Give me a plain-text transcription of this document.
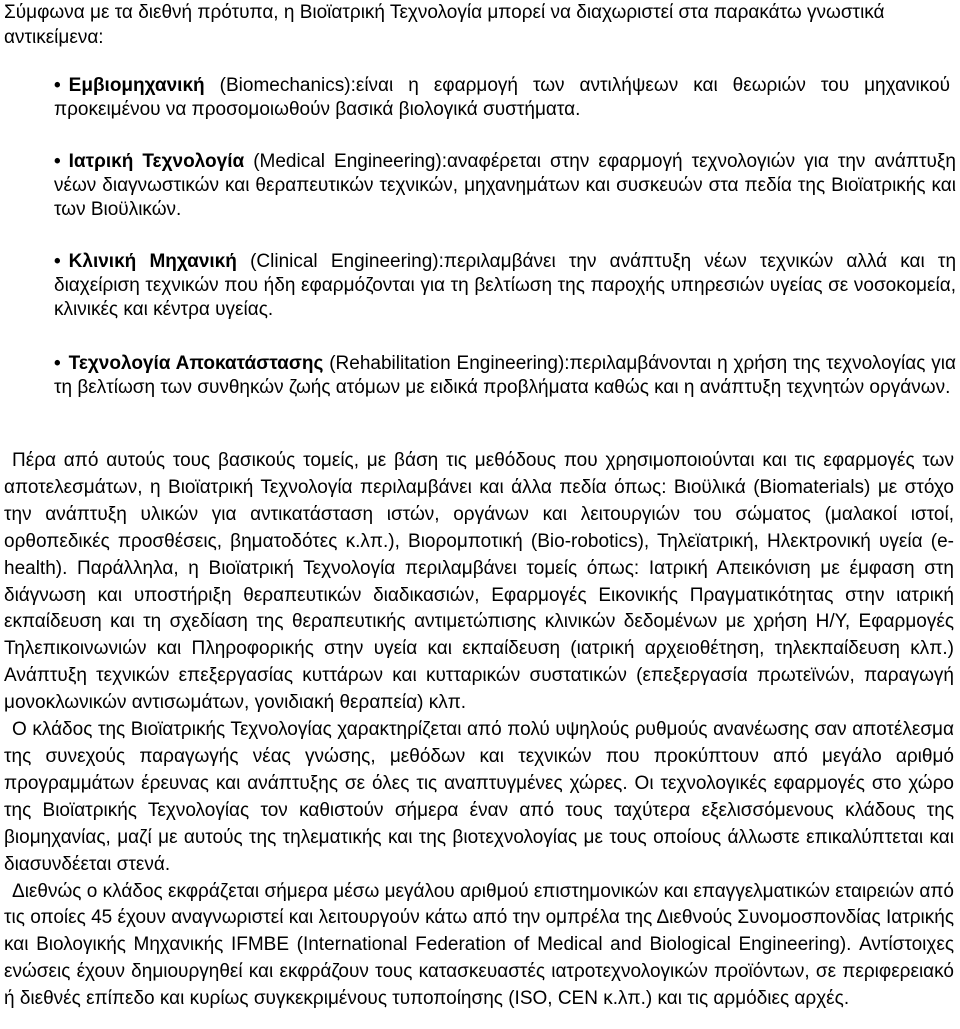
Σύμφωνα με τα διεθνή πρότυπα, η Βιοϊατρική Τεχνολογία μπορεί να διαχωριστεί στα παρακάτω γνωστικά αντικείμενα:
• Εμβιομηχανική (Biomechanics):είναι η εφαρμογή των αντιλήψεων και θεωριών του μηχανικού προκειμένου να προσομοιωθούν βασικά βιολογικά συστήματα.
• Ιατρική Τεχνολογία (Medical Engineering):αναφέρεται στην εφαρμογή τεχνολογιών για την ανάπτυξη νέων διαγνωστικών και θεραπευτικών τεχνικών, μηχανημάτων και συσκευών στα πεδία της Βιοϊατρικής και των Βιοϋλικών.
• Κλινική Μηχανική (Clinical Engineering):περιλαμβάνει την ανάπτυξη νέων τεχνικών αλλά και τη διαχείριση τεχνικών που ήδη εφαρμόζονται για τη βελτίωση της παροχής υπηρεσιών υγείας σε νοσοκομεία, κλινικές και κέντρα υγείας.
• Τεχνολογία Αποκατάστασης (Rehabilitation Engineering):περιλαμβάνονται η χρήση της τεχνολογίας για τη βελτίωση των συνθηκών ζωής ατόμων με ειδικά προβλήματα καθώς και η ανάπτυξη τεχνητών οργάνων.

Πέρα από αυτούς τους βασικούς τομείς, με βάση τις μεθόδους που χρησιμοποιούνται και τις εφαρμογές των αποτελεσμάτων, η Βιοϊατρική Τεχνολογία περιλαμβάνει και άλλα πεδία όπως: Βιοϋλικά (Biomaterials) με στόχο την ανάπτυξη υλικών για αντικατάσταση ιστών, οργάνων και λειτουργιών του σώματος (μαλακοί ιστοί, ορθοπεδικές προσθέσεις, βηματοδότες κ.λπ.), Βιορομποτική (Bio-robotics), Τηλεϊατρική, Ηλεκτρονική υγεία (e-health). Παράλληλα, η Βιοϊατρική Τεχνολογία περιλαμβάνει τομείς όπως: Ιατρική Απεικόνιση με έμφαση στη διάγνωση και υποστήριξη θεραπευτικών διαδικασιών, Εφαρμογές Εικονικής Πραγματικότητας στην ιατρική εκπαίδευση και τη σχεδίαση της θεραπευτικής αντιμετώπισης κλινικών δεδομένων με χρήση Η/Υ, Εφαρμογές Τηλεπικοινωνιών και Πληροφορικής στην υγεία και εκπαίδευση (ιατρική αρχειοθέτηση, τηλεκπαίδευση κλπ.) Ανάπτυξη τεχνικών επεξεργασίας κυττάρων και κυτταρικών συστατικών (επεξεργασία πρωτεϊνών, παραγωγή μονοκλωνικών αντισωμάτων, γονιδιακή θεραπεία) κλπ.

Ο κλάδος της Βιοϊατρικής Τεχνολογίας χαρακτηρίζεται από πολύ υψηλούς ρυθμούς ανανέωσης σαν αποτέλεσμα της συνεχούς παραγωγής νέας γνώσης, μεθόδων και τεχνικών που προκύπτουν από μεγάλο αριθμό προγραμμάτων έρευνας και ανάπτυξης σε όλες τις αναπτυγμένες χώρες. Οι τεχνολογικές εφαρμογές στο χώρο της Βιοϊατρικής Τεχνολογίας τον καθιστούν σήμερα έναν από τους ταχύτερα εξελισσόμενους κλάδους της βιομηχανίας, μαζί με αυτούς της τηλεματικής και της βιοτεχνολογίας με τους οποίους άλλωστε επικαλύπτεται και διασυνδέεται στενά.

Διεθνώς ο κλάδος εκφράζεται σήμερα μέσω μεγάλου αριθμού επιστημονικών και επαγγελματικών εταιρειών από τις οποίες 45 έχουν αναγνωριστεί και λειτουργούν κάτω από την ομπρέλα της Διεθνούς Συνομοσπονδίας Ιατρικής και Βιολογικής Μηχανικής IFMBE (International Federation of Medical and Biological Engineering). Αντίστοιχες ενώσεις έχουν δημιουργηθεί και εκφράζουν τους κατασκευαστές ιατροτεχνολογικών προϊόντων, σε περιφερειακό ή διεθνές επίπεδο και κυρίως συγκεκριμένους τυποποίησης (ISO, CEN κ.λπ.) και τις αρμόδιες αρχές.
